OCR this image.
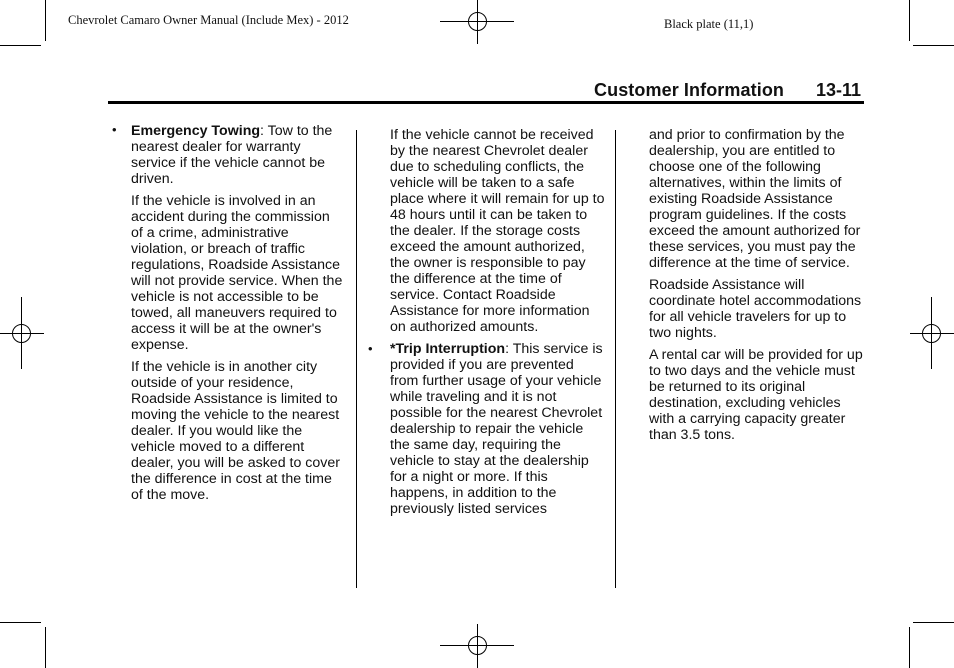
Chevrolet Camaro Owner Manual (Include Mex) - 2012	Black plate (11,1)
Customer Information 13-11
• Emergency Towing: Tow to the nearest dealer for warranty service if the vehicle cannot be driven.

If the vehicle is involved in an accident during the commission of a crime, administrative violation, or breach of traffic regulations, Roadside Assistance will not provide service. When the vehicle is not accessible to be towed, all maneuvers required to access it will be at the owner's expense.

If the vehicle is in another city outside of your residence, Roadside Assistance is limited to moving the vehicle to the nearest dealer. If you would like the vehicle moved to a different dealer, you will be asked to cover the difference in cost at the time of the move.

If the vehicle cannot be received by the nearest Chevrolet dealer due to scheduling conflicts, the vehicle will be taken to a safe place where it will remain for up to 48 hours until it can be taken to the dealer. If the storage costs exceed the amount authorized, the owner is responsible to pay the difference at the time of service. Contact Roadside Assistance for more information on authorized amounts.

*Trip Interruption: This service is provided if you are prevented from further usage of your vehicle while traveling and it is not possible for the nearest Chevrolet dealership to repair the vehicle the same day, requiring the vehicle to stay at the dealership for a night or more. If this happens, in addition to the previously listed services

•

and prior to confirmation by the dealership, you are entitled to choose one of the following alternatives, within the limits of existing Roadside Assistance program guidelines. If the costs exceed the amount authorized for these services, you must pay the difference at the time of service.

Roadside Assistance will coordinate hotel accommodations for all vehicle travelers for up to two nights.

A rental car will be provided for up to two days and the vehicle must be returned to its original destination, excluding vehicles with a carrying capacity greater than 3.5 tons.
